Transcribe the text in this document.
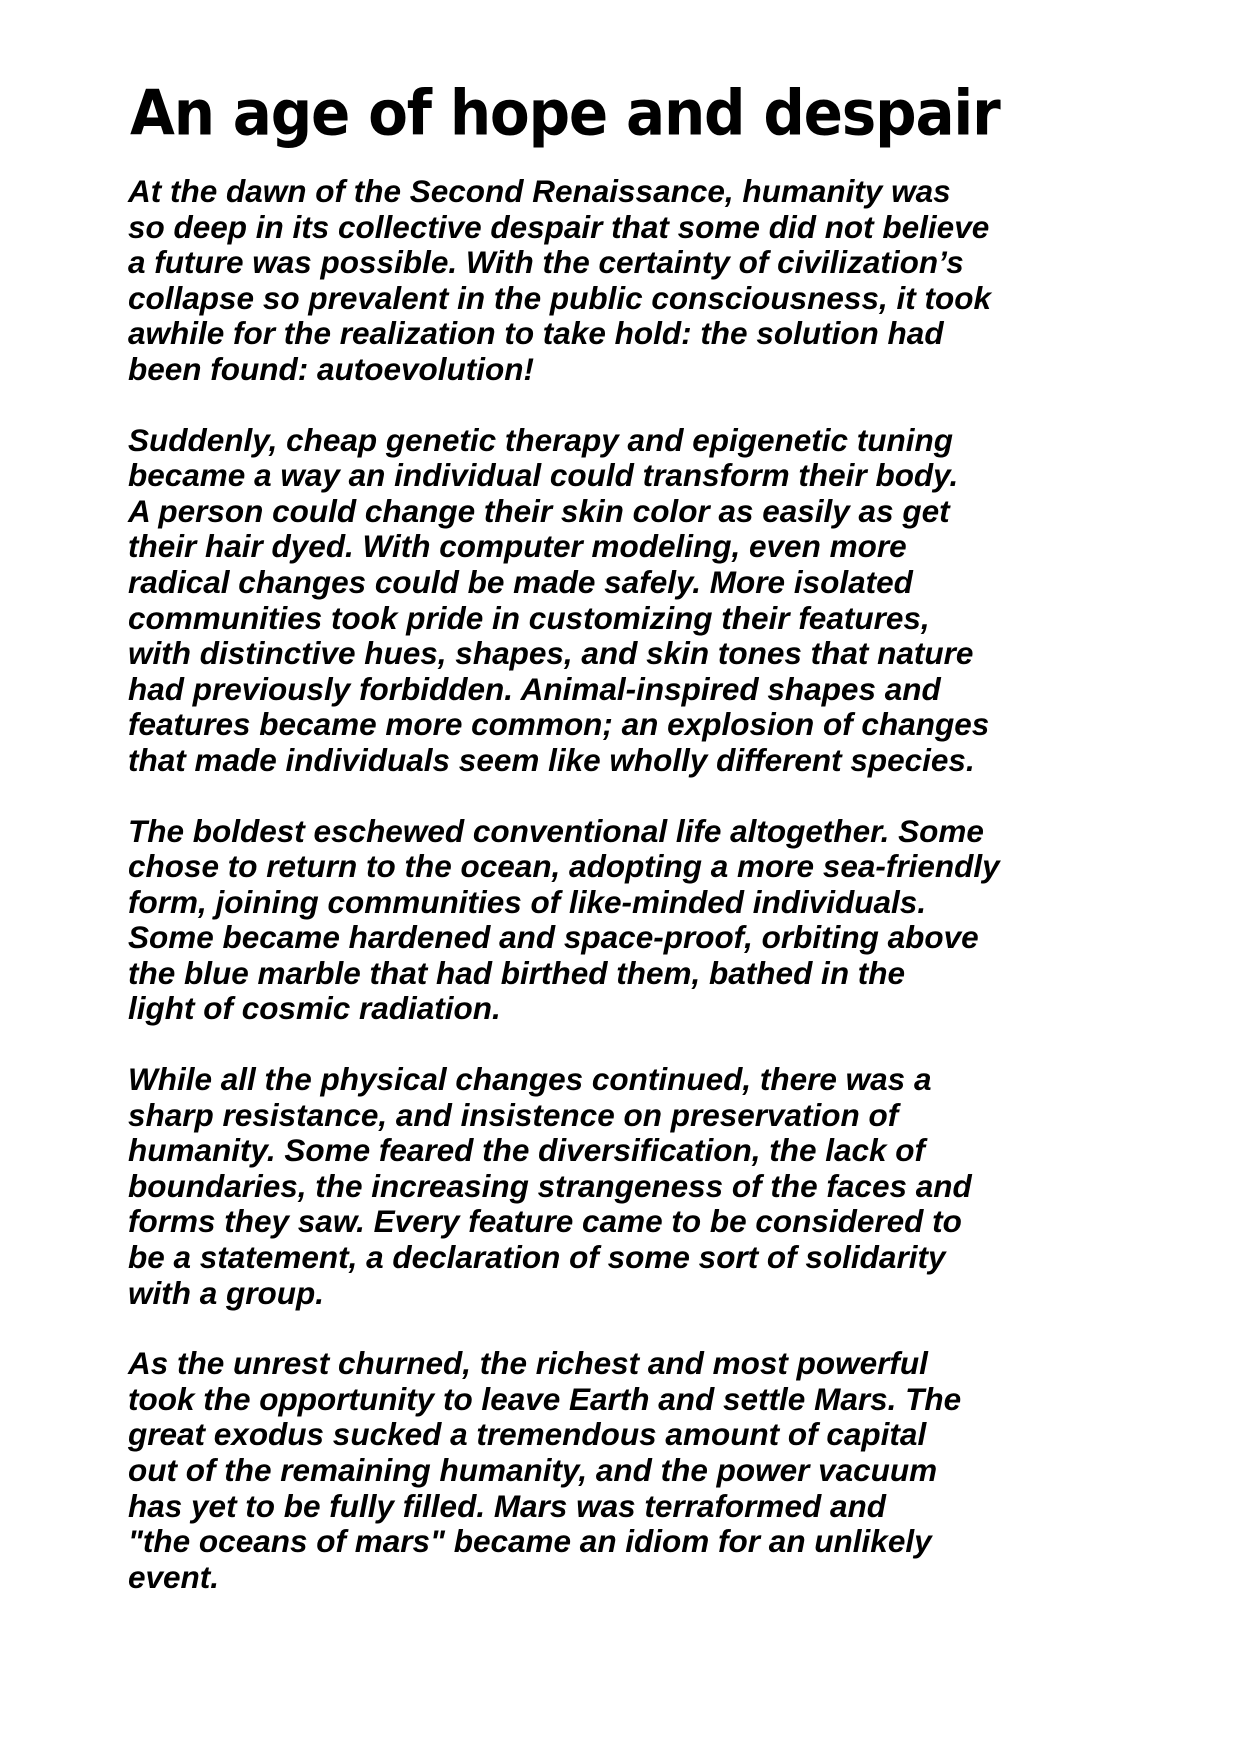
An age of hope and despair

At the dawn of the Second Renaissance, humanity was
so deep in its collective despair that some did not believe
a future was possible. With the certainty of civilization’s
collapse so prevalent in the public consciousness, it took
awhile for the realization to take hold: the solution had
been found: autoevolution!

Suddenly, cheap genetic therapy and epigenetic tuning
became a way an individual could transform their body.
A person could change their skin color as easily as get
their hair dyed. With computer modeling, even more
radical changes could be made safely. More isolated
communities took pride in customizing their features,
with distinctive hues, shapes, and skin tones that nature
had previously forbidden. Animal-inspired shapes and
features became more common; an explosion of changes
that made individuals seem like wholly different species.

The boldest eschewed conventional life altogether. Some
chose to return to the ocean, adopting a more sea-friendly
form, joining communities of like-minded individuals.
Some became hardened and space-proof, orbiting above
the blue marble that had birthed them, bathed in the
light of cosmic radiation.

While all the physical changes continued, there was a
sharp resistance, and insistence on preservation of
humanity. Some feared the diversification, the lack of
boundaries, the increasing strangeness of the faces and
forms they saw. Every feature came to be considered to
be a statement, a declaration of some sort of solidarity
with a group.

As the unrest churned, the richest and most powerful
took the opportunity to leave Earth and settle Mars. The
great exodus sucked a tremendous amount of capital
out of the remaining humanity, and the power vacuum
has yet to be fully filled. Mars was terraformed and
"the oceans of mars" became an idiom for an unlikely
event.
